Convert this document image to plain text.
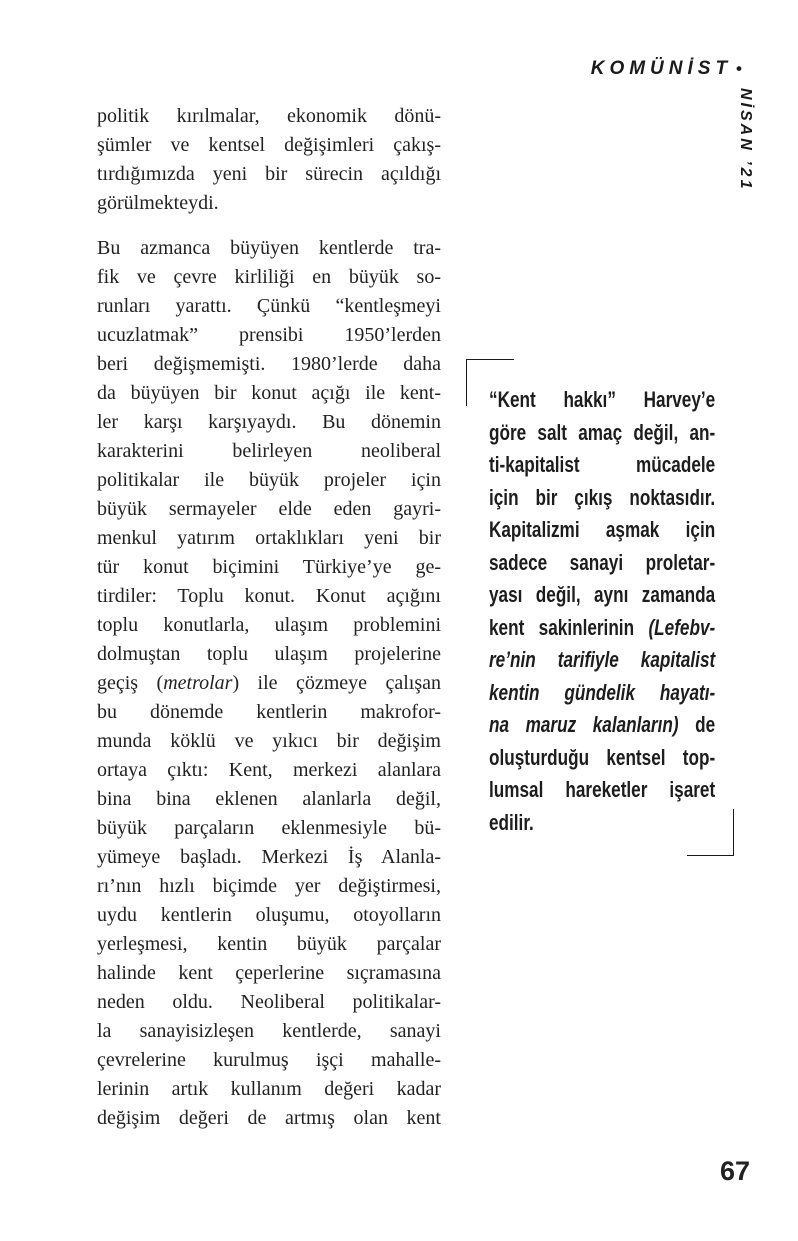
KOMÜNİST •
NİSAN ’21
politik kırılmalar, ekonomik dönü-
şümler ve kentsel değişimleri çakış-
tırdığımızda yeni bir sürecin açıldığı
görülmekteydi.
Bu azmanca büyüyen kentlerde tra-
fik ve çevre kirliliği en büyük so-
runları yarattı. Çünkü “kentleşmeyi
ucuzlatmak” prensibi 1950’lerden
beri değişmemişti. 1980’lerde daha
da büyüyen bir konut açığı ile kent-
ler karşı karşıyaydı. Bu dönemin
karakterini belirleyen neoliberal
politikalar ile büyük projeler için
büyük sermayeler elde eden gayri-
menkul yatırım ortaklıkları yeni bir
tür konut biçimini Türkiye’ye ge-
tirdiler: Toplu konut. Konut açığını
toplu konutlarla, ulaşım problemini
dolmuştan toplu ulaşım projelerine
geçiş (metrolar) ile çözmeye çalışan
bu dönemde kentlerin makrofor-
munda köklü ve yıkıcı bir değişim
ortaya çıktı: Kent, merkezi alanlara
bina bina eklenen alanlarla değil,
büyük parçaların eklenmesiyle bü-
yümeye başladı. Merkezi İş Alanla-
rı’nın hızlı biçimde yer değiştirmesi,
uydu kentlerin oluşumu, otoyolların
yerleşmesi, kentin büyük parçalar
halinde kent çeperlerine sıçramasına
neden oldu. Neoliberal politikalar-
la sanayisizleşen kentlerde, sanayi
çevrelerine kurulmuş işçi mahalle-
lerinin artık kullanım değeri kadar
değişim değeri de artmış olan kent
“Kent hakkı” Harvey’e
göre salt amaç değil, an-
ti-kapitalist mücadele
için bir çıkış noktasıdır.
Kapitalizmi aşmak için
sadece sanayi proletar-
yası değil, aynı zamanda
kent sakinlerinin (Lefebv-
re’nin tarifiyle kapitalist
kentin gündelik hayatı-
na maruz kalanların) de
oluşturduğu kentsel top-
lumsal hareketler işaret
edilir.
67
